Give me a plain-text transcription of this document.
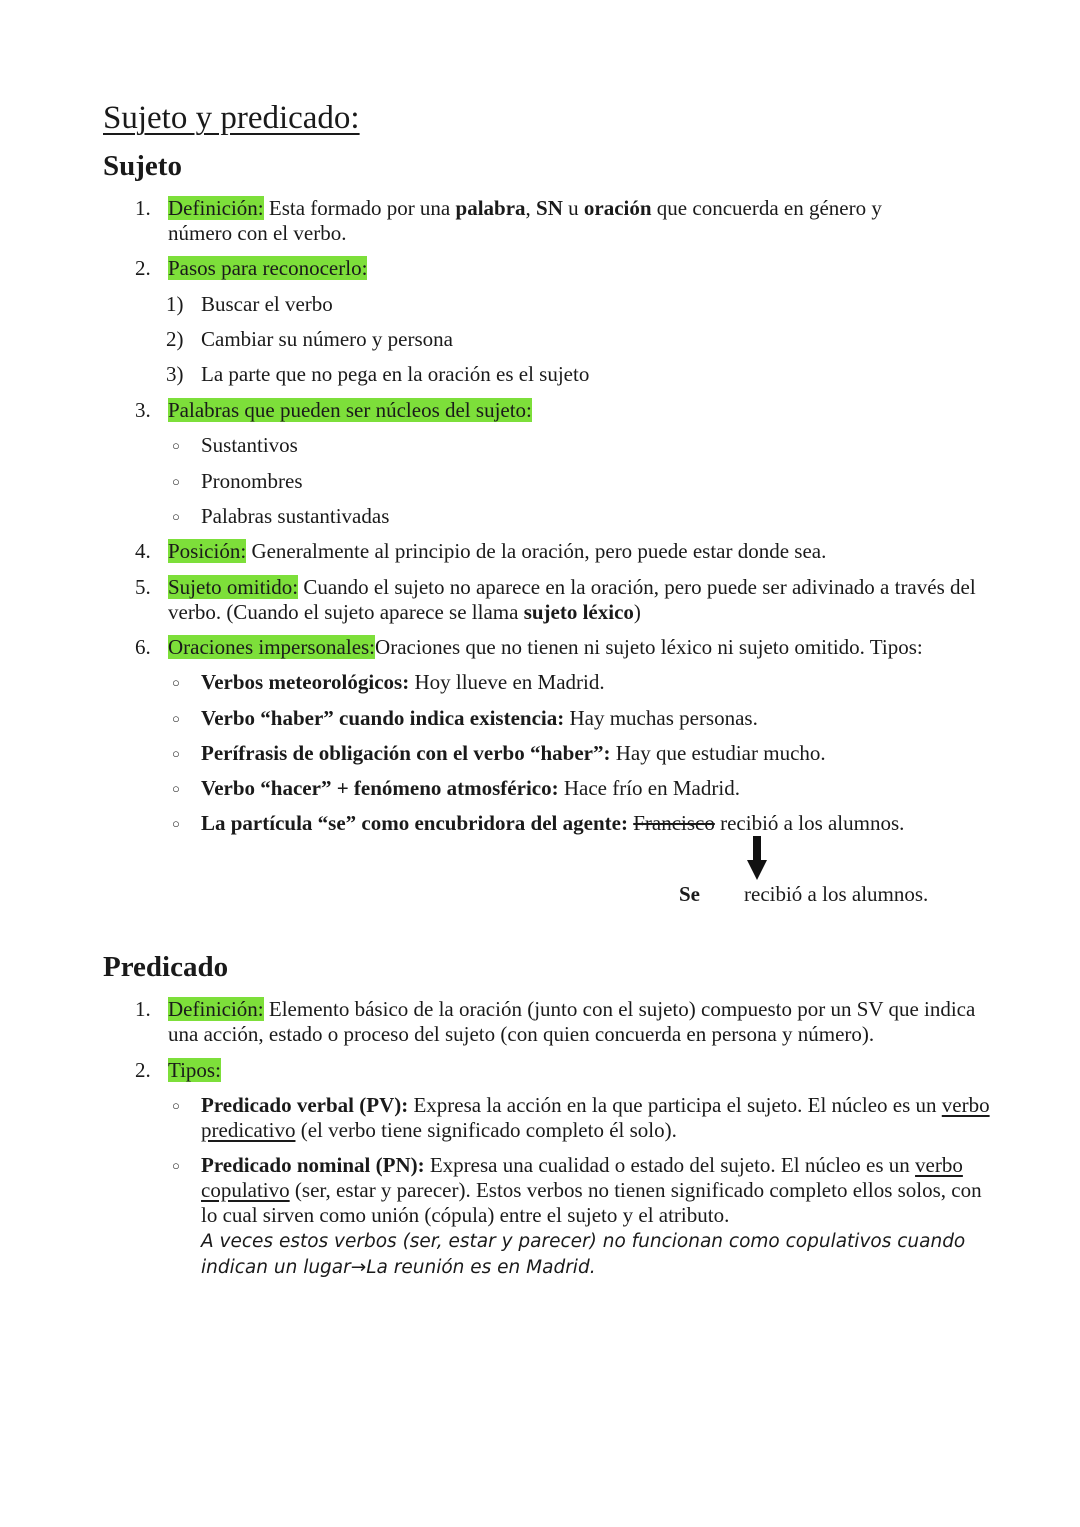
Sujeto y predicado:
Sujeto
1. Definición: Esta formado por una palabra, SN u oración que concuerda en género y número con el verbo.
2. Pasos para reconocerlo:
1) Buscar el verbo
2) Cambiar su número y persona
3) La parte que no pega en la oración es el sujeto
3. Palabras que pueden ser núcleos del sujeto:
○ Sustantivos
○ Pronombres
○ Palabras sustantivadas
4. Posición: Generalmente al principio de la oración, pero puede estar donde sea.
5. Sujeto omitido: Cuando el sujeto no aparece en la oración, pero puede ser adivinado a través del verbo. (Cuando el sujeto aparece se llama sujeto léxico)
6. Oraciones impersonales:Oraciones que no tienen ni sujeto léxico ni sujeto omitido. Tipos:
○ Verbos meteorológicos: Hoy llueve en Madrid.
○ Verbo “haber” cuando indica existencia: Hay muchas personas.
○ Perífrasis de obligación con el verbo “haber”: Hay que estudiar mucho.
○ Verbo “hacer” + fenómeno atmosférico: Hace frío en Madrid.
○ La partícula “se” como encubridora del agente: Francisco recibió a los alumnos.
Se recibió a los alumnos.
Predicado
1. Definición: Elemento básico de la oración (junto con el sujeto) compuesto por un SV que indica una acción, estado o proceso del sujeto (con quien concuerda en persona y número).
2. Tipos:
○ Predicado verbal (PV): Expresa la acción en la que participa el sujeto. El núcleo es un verbo predicativo (el verbo tiene significado completo él solo).
○ Predicado nominal (PN): Expresa una cualidad o estado del sujeto. El núcleo es un verbo copulativo (ser, estar y parecer). Estos verbos no tienen significado completo ellos solos, con lo cual sirven como unión (cópula) entre el sujeto y el atributo.
A veces estos verbos (ser, estar y parecer) no funcionan como copulativos cuando
indican un lugar→La reunión es en Madrid.
